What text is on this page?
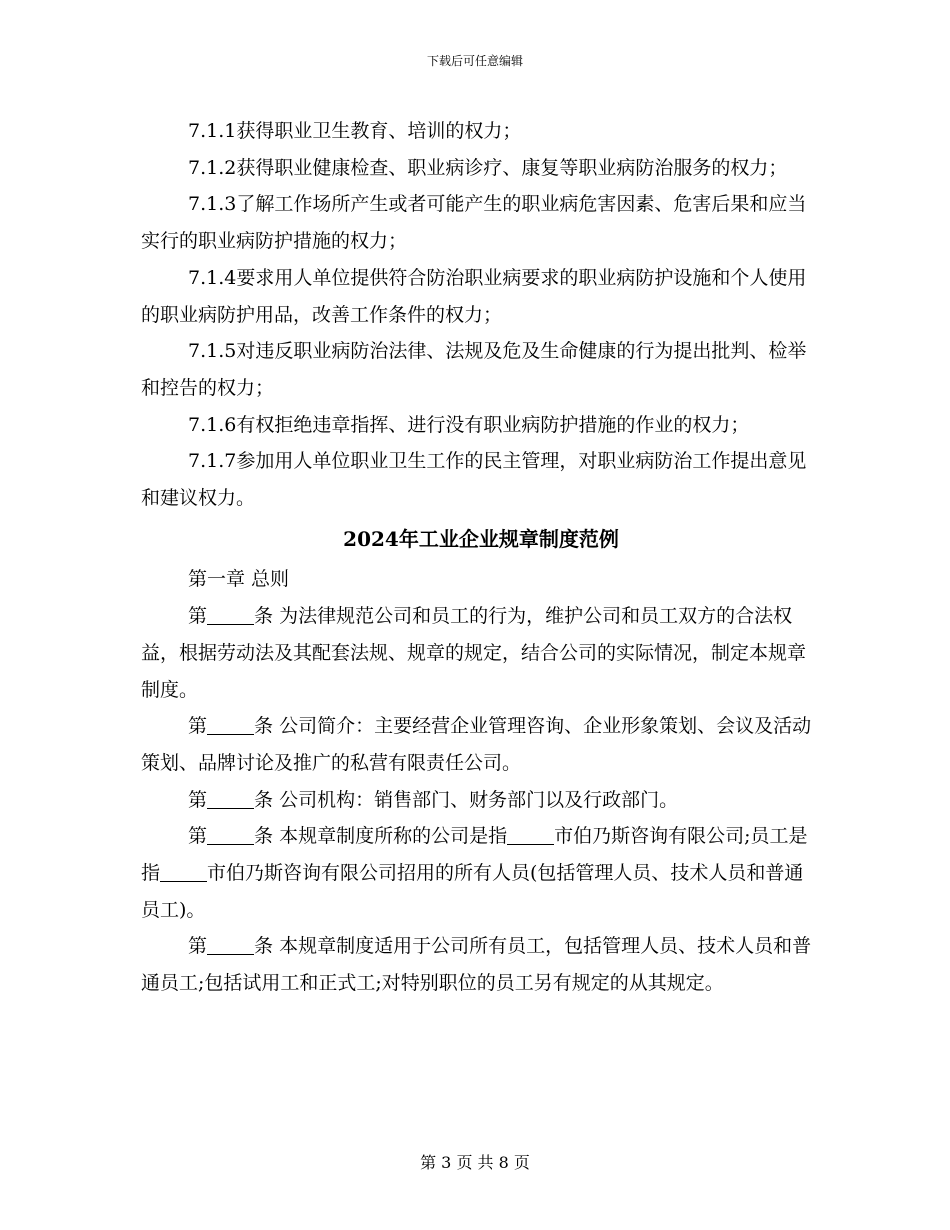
下载后可任意编辑

7.1.1获得职业卫生教育、培训的权力；

7.1.2获得职业健康检查、职业病诊疗、康复等职业病防治服务的权力；

7.1.3了解工作场所产生或者可能产生的职业病危害因素、危害后果和应当实行的职业病防护措施的权力；

7.1.4要求用人单位提供符合防治职业病要求的职业病防护设施和个人使用的职业病防护用品，改善工作条件的权力；

7.1.5对违反职业病防治法律、法规及危及生命健康的行为提出批判、检举和控告的权力；

7.1.6有权拒绝违章指挥、进行没有职业病防护措施的作业的权力；

7.1.7参加用人单位职业卫生工作的民主管理，对职业病防治工作提出意见和建议权力。

2024年工业企业规章制度范例

第一章 总则

第 条 为法律规范公司和员工的行为，维护公司和员工双方的合法权益，根据劳动法及其配套法规、规章的规定，结合公司的实际情况，制定本规章制度。

第 条 公司简介：主要经营企业管理咨询、企业形象策划、会议及活动策划、品牌讨论及推广的私营有限责任公司。

第 条 公司机构：销售部门、财务部门以及行政部门。

第 条 本规章制度所称的公司是指 市伯乃斯咨询有限公司;员工是指 市伯乃斯咨询有限公司招用的所有人员(包括管理人员、技术人员和普通员工)。

第 条 本规章制度适用于公司所有员工，包括管理人员、技术人员和普通员工;包括试用工和正式工;对特别职位的员工另有规定的从其规定。

第 3 页 共 8 页
